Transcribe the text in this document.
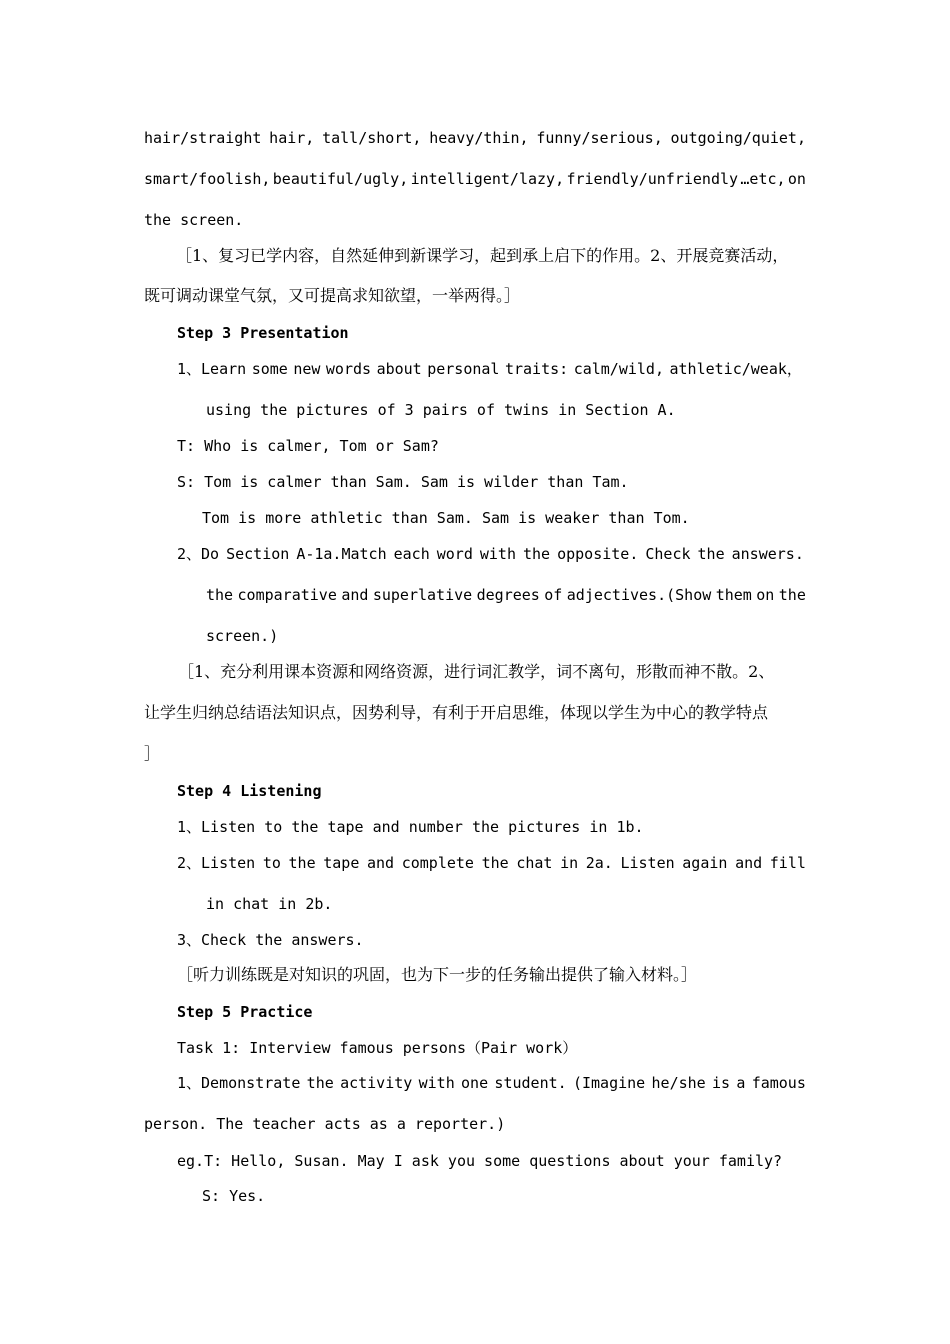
hair/straight hair, tall/short, heavy/thin, funny/serious, outgoing/quiet,
smart/foolish, beautiful/ugly, intelligent/lazy, friendly/unfriendly …etc, on
the screen.
［1、复习已学内容，自然延伸到新课学习，起到承上启下的作用。2、开展竞赛活动，
既可调动课堂气氛，又可提高求知欲望，一举两得。］
Step 3 Presentation
1、Learn some new words about personal traits: calm/wild, athletic/weak，
using the pictures of 3 pairs of twins in Section A.
T: Who is calmer, Tom or Sam?
S: Tom is calmer than Sam. Sam is wilder than Tam.
Tom is more athletic than Sam. Sam is weaker than Tom.
2、Do Section A-1a.Match each word with the opposite. Check the answers.
the comparative and superlative degrees of adjectives.(Show them on the
screen.)
［1、充分利用课本资源和网络资源，进行词汇教学，词不离句，形散而神不散。2、
让学生归纳总结语法知识点，因势利导，有利于开启思维，体现以学生为中心的教学特点
］
Step 4 Listening
1、Listen to the tape and number the pictures in 1b.
2、Listen to the tape and complete the chat in 2a. Listen again and fill
in chat in 2b.
3、Check the answers.
［听力训练既是对知识的巩固，也为下一步的任务输出提供了输入材料。］
Step 5 Practice
Task 1: Interview famous persons（Pair work）
1、Demonstrate the activity with one student. (Imagine he/she is a famous
person. The teacher acts as a reporter.)
eg.T: Hello, Susan. May I ask you some questions about your family?
S: Yes.
